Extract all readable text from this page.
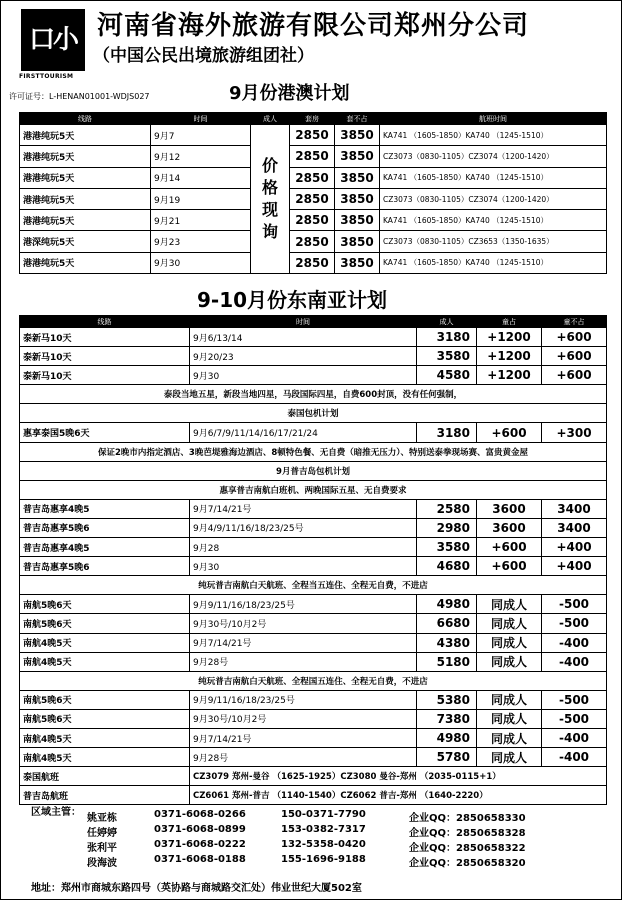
口小
FIRSTTOURISM
河南省海外旅游有限公司郑州分公司
（中国公民出境旅游组团社）
许可证号：L-HENAN01001-WDJS027	9月份港澳计划
线路	时间	成人	套房	套不占	航班时间
港港纯玩5天	9月7	价格现询	2850	3850	KA741 （1605-1850）KA740 （1245-1510）
港港纯玩5天	9月12		2850	3850	CZ3073（0830-1105）CZ3074（1200-1420）
港港纯玩5天	9月14		2850	3850	KA741 （1605-1850）KA740 （1245-1510）
港港纯玩5天	9月19		2850	3850	CZ3073（0830-1105）CZ3074（1200-1420）
港港纯玩5天	9月21		2850	3850	KA741 （1605-1850）KA740 （1245-1510）
港深纯玩5天	9月23		2850	3850	CZ3073（0830-1105）CZ3653（1350-1635）
港港纯玩5天	9月30		2850	3850	KA741 （1605-1850）KA740 （1245-1510）
9-10月份东南亚计划
线路	时间	成人	童占	童不占
泰新马10天	9月6/13/14	3180	+1200	+600
泰新马10天	9月20/23	3580	+1200	+600
泰新马10天	9月30	4580	+1200	+600
泰段当地五星，新段当地四星，马段国际四星，自费600封顶，没有任何强制，				
泰国包机计划				
惠享泰国5晚6天	9月6/7/9/11/14/16/17/21/24	3180	+600	+300
保证2晚市内指定酒店、3晚芭堤雅海边酒店、8顿特色餐、无自费（暗推无压力）、特别送泰拳现场赛、富贵黄金屋				
9月普吉岛包机计划				
惠享普吉南航白班机、两晚国际五星、无自费要求				
普吉岛惠享4晚5	9月7/14/21号	2580	3600	3400
普吉岛惠享5晚6	9月4/9/11/16/18/23/25号	2980	3600	3400
普吉岛惠享4晚5	9月28	3580	+600	+400
普吉岛惠享5晚6	9月30	4680	+600	+400
纯玩普吉南航白天航班、全程当五连住、全程无自费，不进店				
南航5晚6天	9月9/11/16/18/23/25号	4980	同成人	-500
南航5晚6天	9月30号/10月2号	6680	同成人	-500
南航4晚5天	9月7/14/21号	4380	同成人	-400
南航4晚5天	9月28号	5180	同成人	-400
纯玩普吉南航白天航班、全程国五连住、全程无自费，不进店				
南航5晚6天	9月9/11/16/18/23/25号	5380	同成人	-500
南航5晚6天	9月30号/10月2号	7380	同成人	-500
南航4晚5天	9月7/14/21号	4980	同成人	-400
南航4晚5天	9月28号	5780	同成人	-400
泰国航班	CZ3079 郑州-曼谷 （1625-1925）CZ3080 曼谷-郑州 （2035-0115+1）			
普吉岛航班	CZ6061 郑州-普吉 （1140-1540）CZ6062 普吉-郑州 （1640-2220）			
区域主管：
姚亚栋	0371-6068-0266	150-0371-7790	企业QQ：2850658330
任婷婷	0371-6068-0899	153-0382-7317	企业QQ：2850658328
张利平	0371-6068-0222	132-5358-0420	企业QQ：2850658322
段海波	0371-6068-0188	155-1696-9188	企业QQ：2850658320
地址：郑州市商城东路四号（英协路与商城路交汇处）伟业世纪大厦502室
